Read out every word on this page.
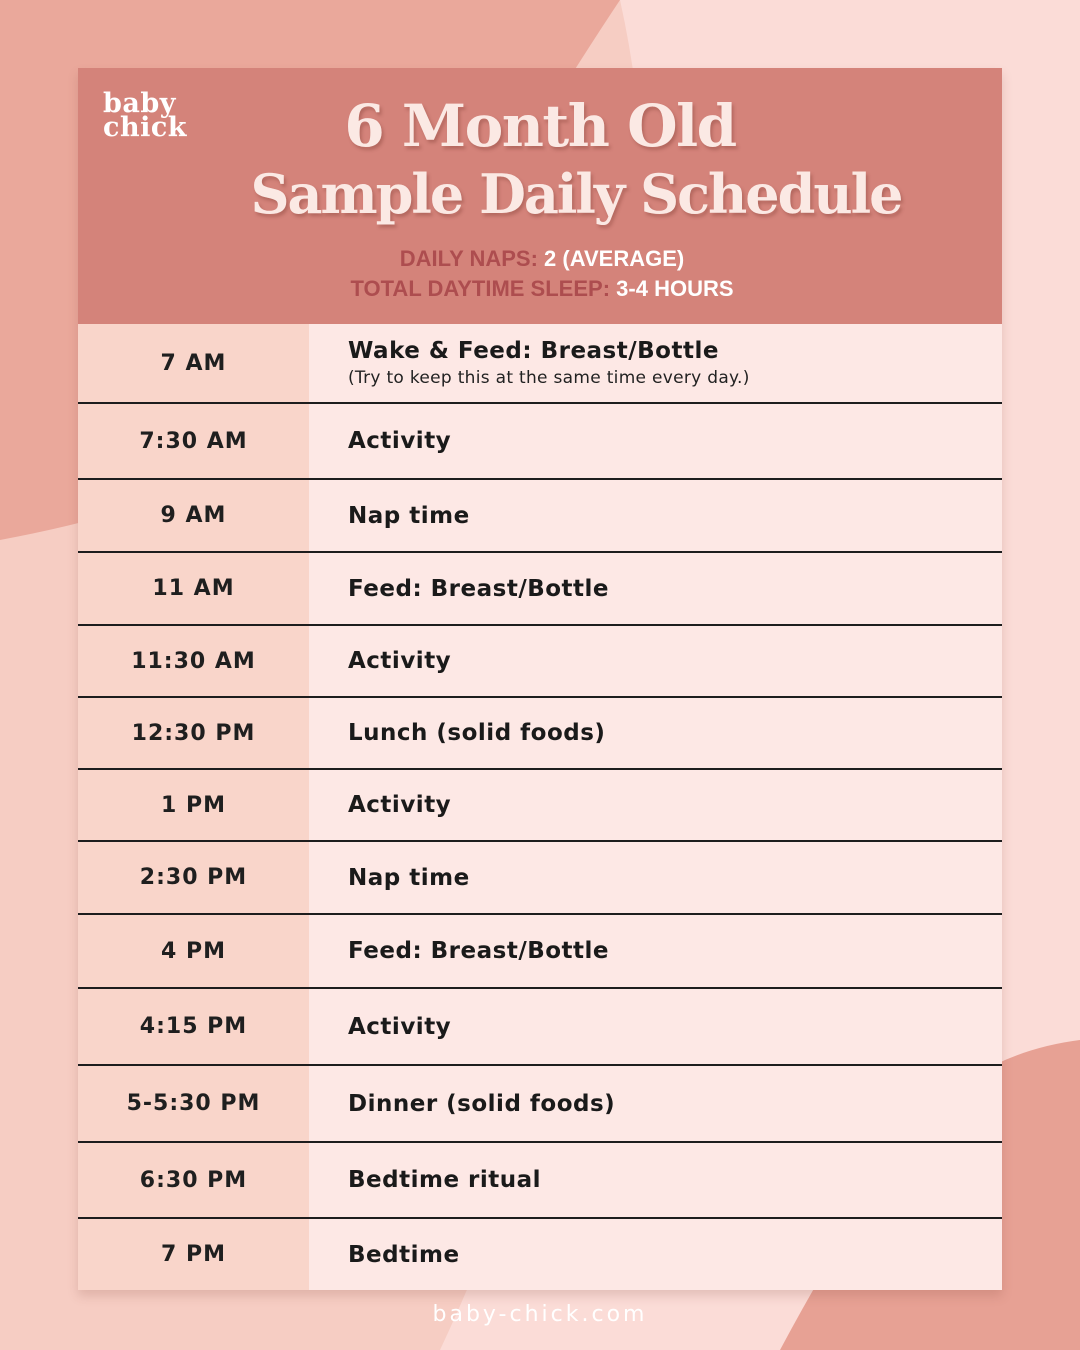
baby
chick	6 Month Old
Sample Daily Schedule
DAILY NAPS: 2 (AVERAGE)
TOTAL DAYTIME SLEEP: 3-4 HOURS
7 AM	Wake & Feed: Breast/Bottle
(Try to keep this at the same time every day.)
7:30 AM	Activity
9 AM	Nap time
11 AM	Feed: Breast/Bottle
11:30 AM	Activity
12:30 PM	Lunch (solid foods)
1 PM	Activity
2:30 PM	Nap time
4 PM	Feed: Breast/Bottle
4:15 PM	Activity
5-5:30 PM	Dinner (solid foods)
6:30 PM	Bedtime ritual
7 PM	Bedtime
baby-chick.com
